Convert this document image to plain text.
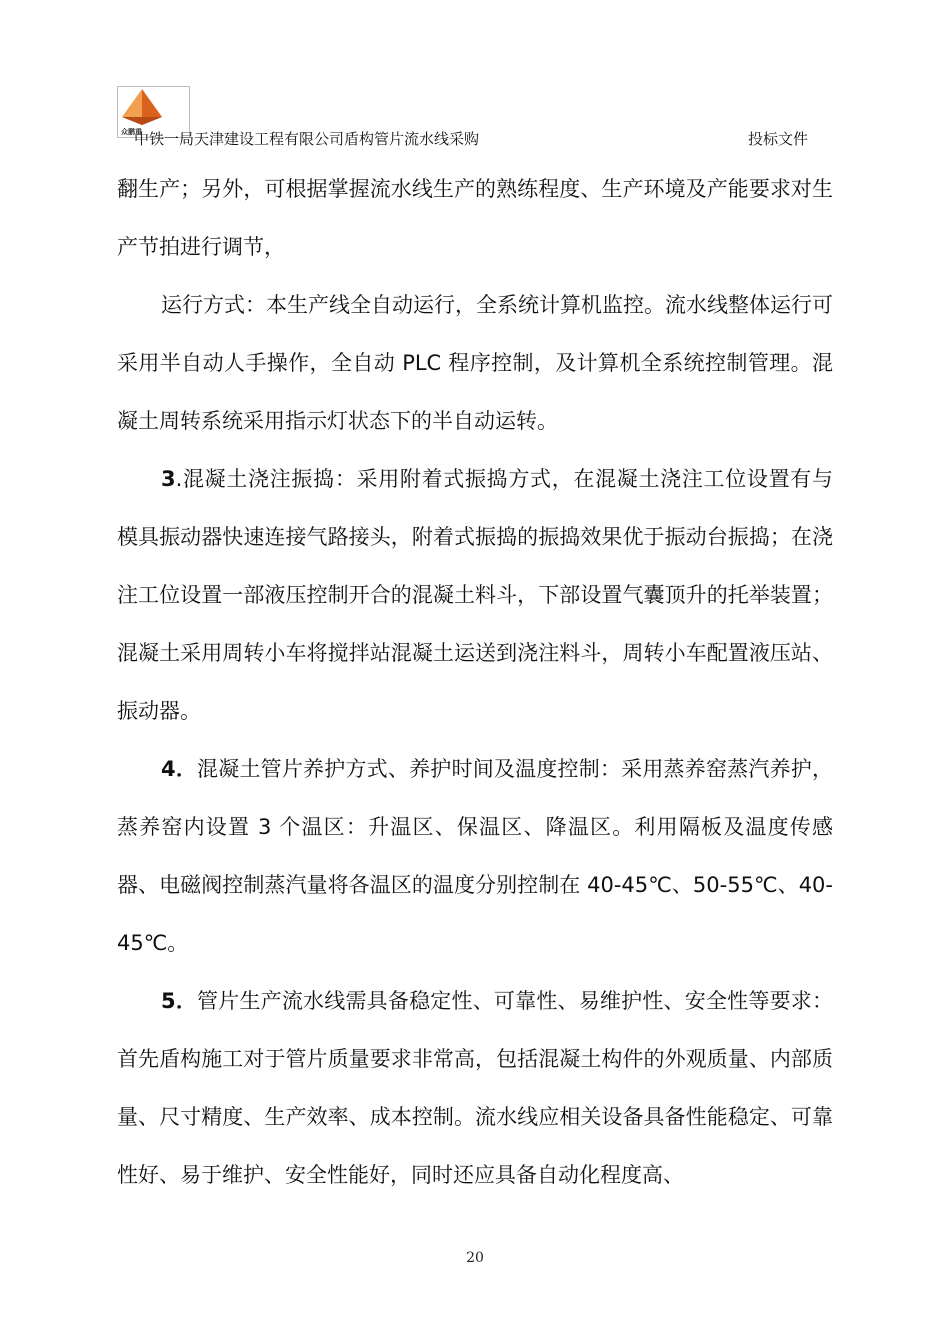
众鹏重
中铁一局天津建设工程有限公司盾构管片流水线采购	投标文件

翻生产；另外，可根据掌握流水线生产的熟练程度、生产环境及产能要求对生产节拍进行调节，

运行方式：本生产线全自动运行，全系统计算机监控。流水线整体运行可采用半自动人手操作，全自动 PLC 程序控制，及计算机全系统控制管理。混凝土周转系统采用指示灯状态下的半自动运转。

3.混凝土浇注振捣：采用附着式振捣方式，在混凝土浇注工位设置有与模具振动器快速连接气路接头，附着式振捣的振捣效果优于振动台振捣；在浇注工位设置一部液压控制开合的混凝土料斗，下部设置气囊顶升的托举装置；混凝土采用周转小车将搅拌站混凝土运送到浇注料斗，周转小车配置液压站、振动器。

4．混凝土管片养护方式、养护时间及温度控制：采用蒸养窑蒸汽养护，蒸养窑内设置 3 个温区：升温区、保温区、降温区。利用隔板及温度传感器、电磁阀控制蒸汽量将各温区的温度分别控制在 40-45℃、50-55℃、40-45℃。

5．管片生产流水线需具备稳定性、可靠性、易维护性、安全性等要求：首先盾构施工对于管片质量要求非常高，包括混凝土构件的外观质量、内部质量、尺寸精度、生产效率、成本控制。流水线应相关设备具备性能稳定、可靠性好、易于维护、安全性能好，同时还应具备自动化程度高、

20
